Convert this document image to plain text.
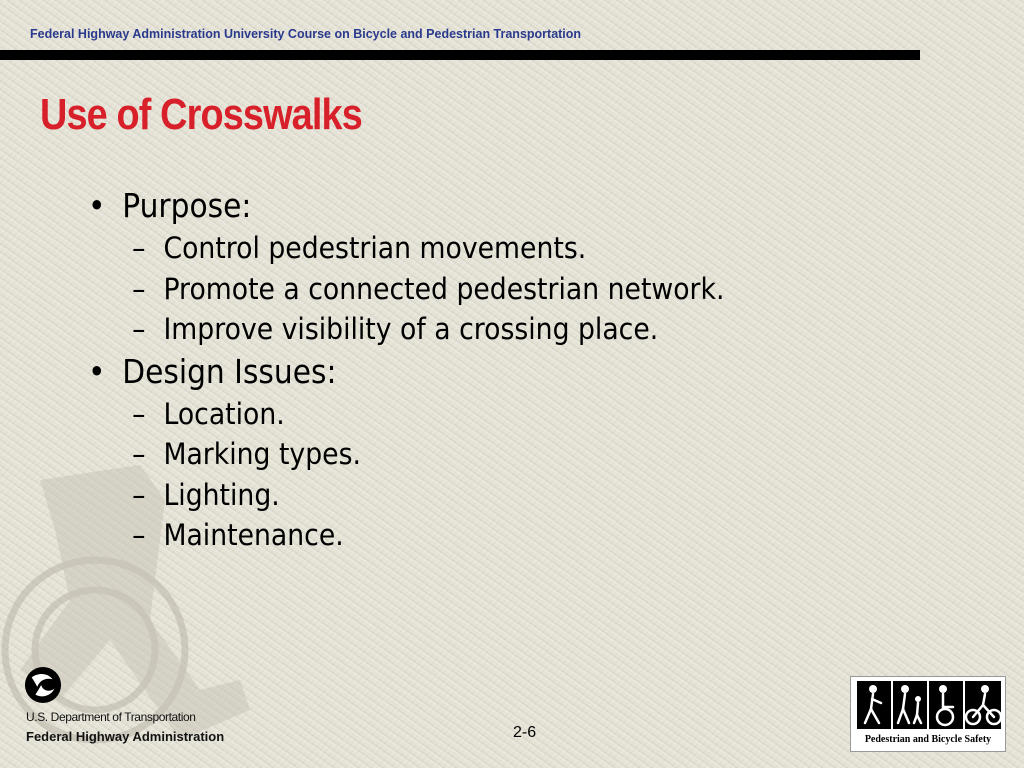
Federal Highway Administration University Course on Bicycle and Pedestrian Transportation
Use of Crosswalks
• Purpose:
– Control pedestrian movements.
– Promote a connected pedestrian network.
– Improve visibility of a crossing place.
• Design Issues:
– Location.
– Marking types.
– Lighting.
– Maintenance.
U.S. Department of Transportation
Federal Highway Administration	2-6	Pedestrian and Bicycle Safety
